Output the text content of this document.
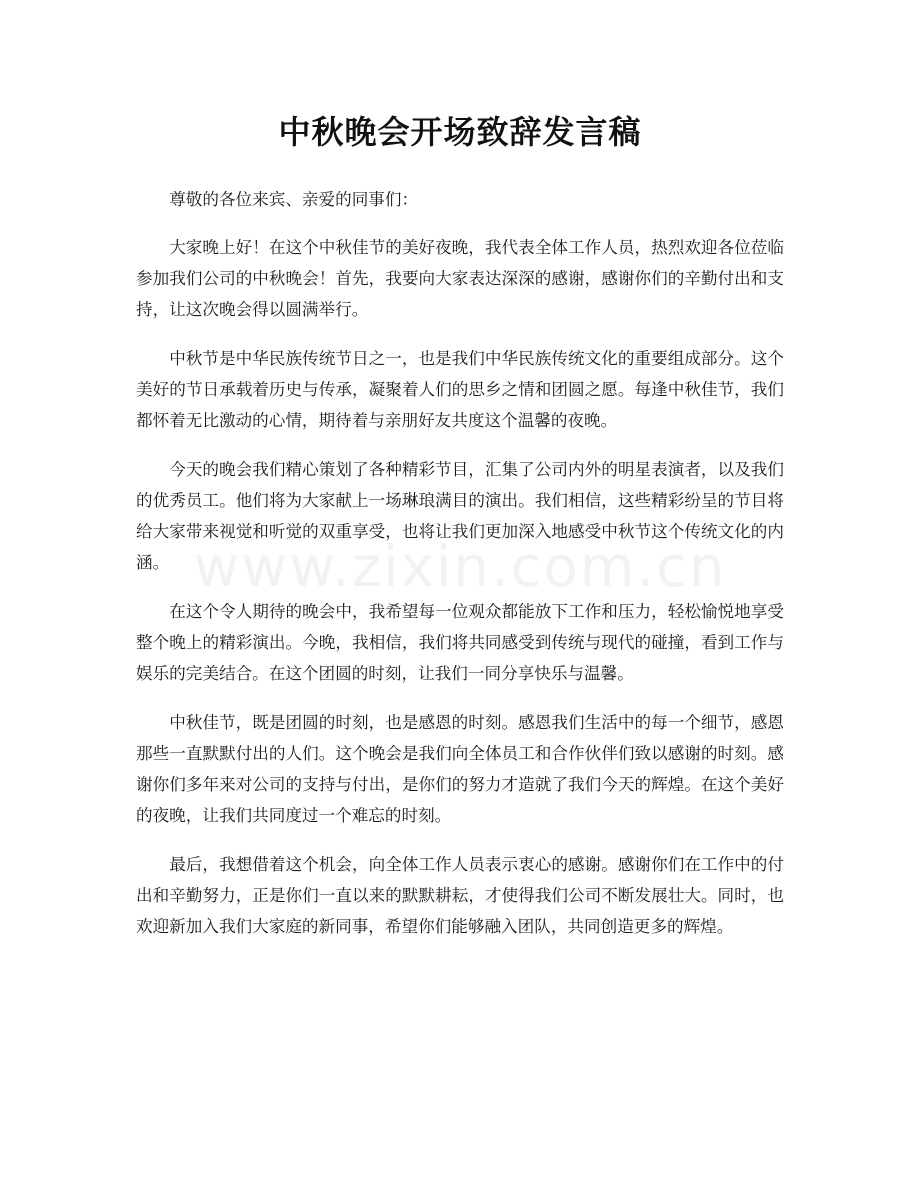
中秋晚会开场致辞发言稿

尊敬的各位来宾、亲爱的同事们：

大家晚上好！在这个中秋佳节的美好夜晚，我代表全体工作人员，热烈欢迎各位莅临参加我们公司的中秋晚会！首先，我要向大家表达深深的感谢，感谢你们的辛勤付出和支持，让这次晚会得以圆满举行。

中秋节是中华民族传统节日之一，也是我们中华民族传统文化的重要组成部分。这个美好的节日承载着历史与传承，凝聚着人们的思乡之情和团圆之愿。每逢中秋佳节，我们都怀着无比激动的心情，期待着与亲朋好友共度这个温馨的夜晚。

今天的晚会我们精心策划了各种精彩节目，汇集了公司内外的明星表演者，以及我们的优秀员工。他们将为大家献上一场琳琅满目的演出。我们相信，这些精彩纷呈的节目将给大家带来视觉和听觉的双重享受，也将让我们更加深入地感受中秋节这个传统文化的内涵。

在这个令人期待的晚会中，我希望每一位观众都能放下工作和压力，轻松愉悦地享受整个晚上的精彩演出。今晚，我相信，我们将共同感受到传统与现代的碰撞，看到工作与娱乐的完美结合。在这个团圆的时刻，让我们一同分享快乐与温馨。

中秋佳节，既是团圆的时刻，也是感恩的时刻。感恩我们生活中的每一个细节，感恩那些一直默默付出的人们。这个晚会是我们向全体员工和合作伙伴们致以感谢的时刻。感谢你们多年来对公司的支持与付出，是你们的努力才造就了我们今天的辉煌。在这个美好的夜晚，让我们共同度过一个难忘的时刻。

最后，我想借着这个机会，向全体工作人员表示衷心的感谢。感谢你们在工作中的付出和辛勤努力，正是你们一直以来的默默耕耘，才使得我们公司不断发展壮大。同时，也欢迎新加入我们大家庭的新同事，希望你们能够融入团队，共同创造更多的辉煌。

www.zixin.com.cn
